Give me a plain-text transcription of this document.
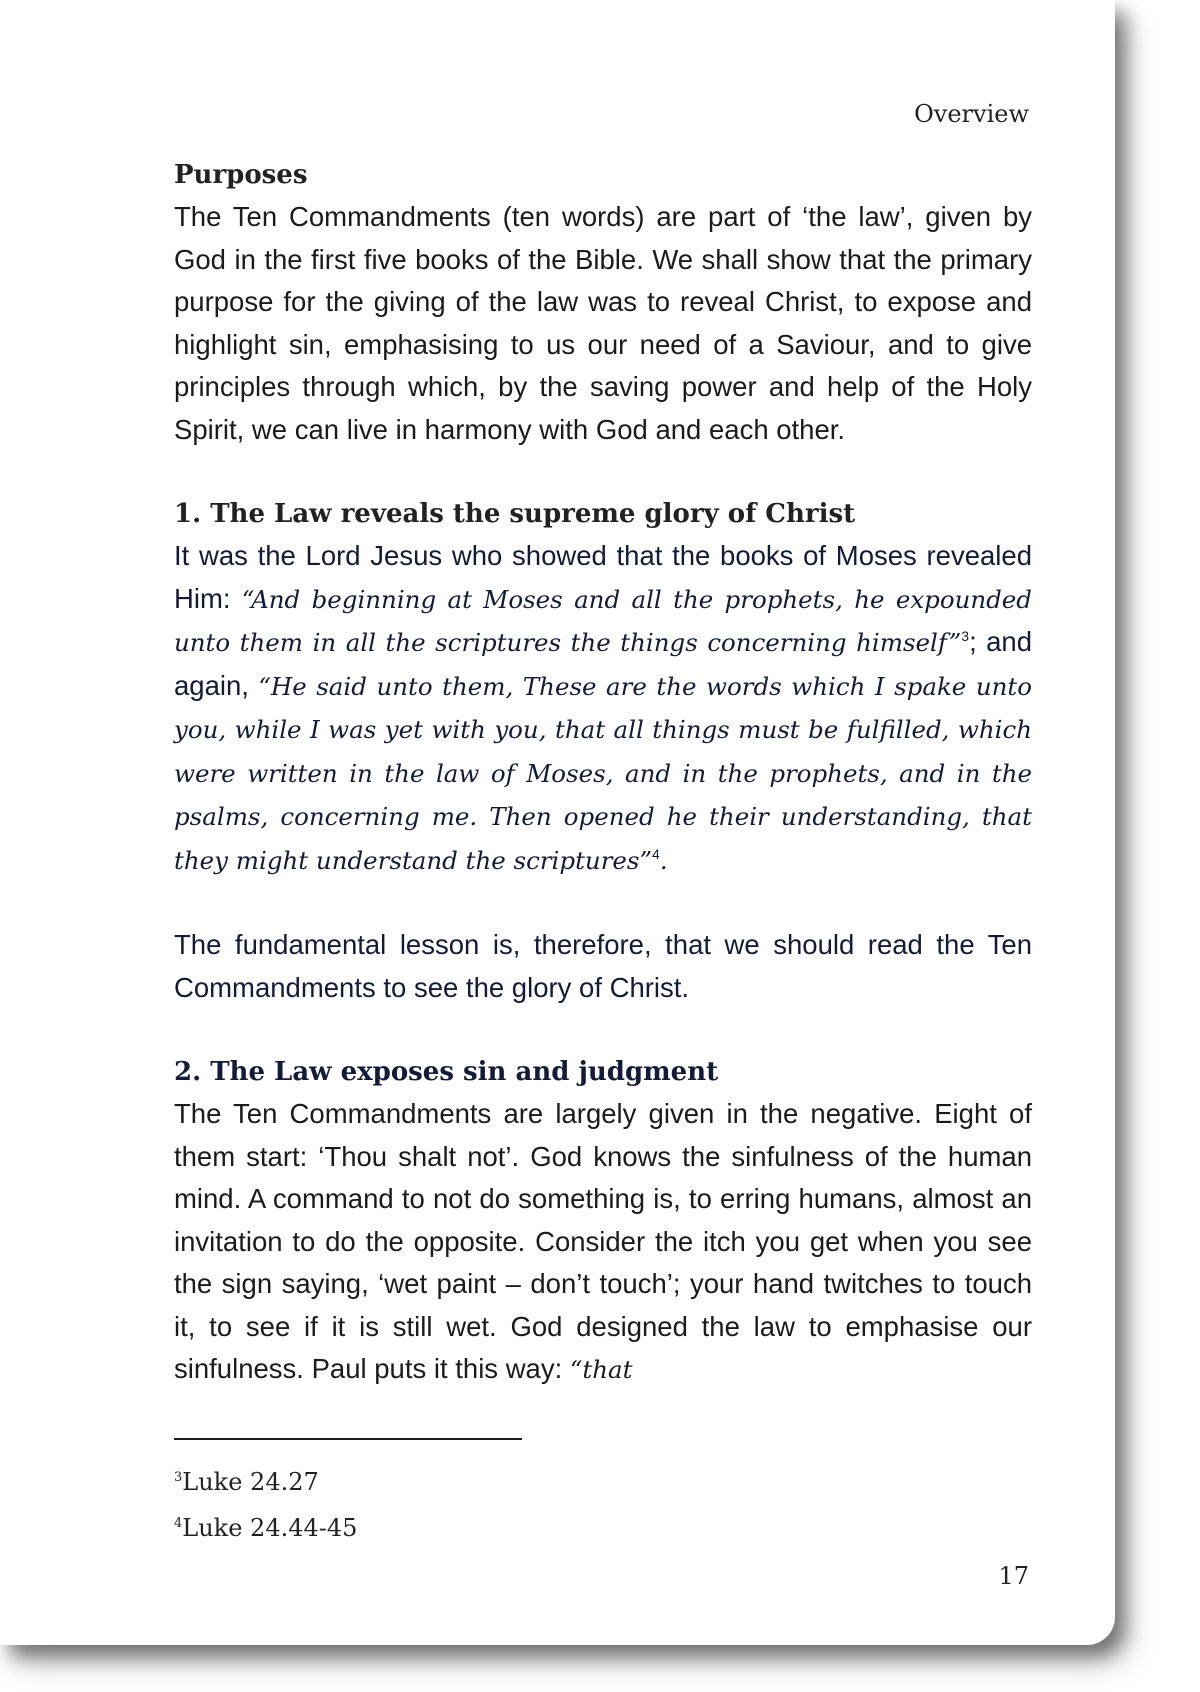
Overview
Purposes

The Ten Commandments (ten words) are part of ‘the law’, given by God in the first five books of the Bible. We shall show that the primary purpose for the giving of the law was to reveal Christ, to expose and highlight sin, emphasising to us our need of a Saviour, and to give principles through which, by the saving power and help of the Holy Spirit, we can live in harmony with God and each other.

1. The Law reveals the supreme glory of Christ

It was the Lord Jesus who showed that the books of Moses revealed Him: “And beginning at Moses and all the prophets, he expounded unto them in all the scriptures the things concerning himself”$^3$; and again, “He said unto them, These are the words which I spake unto you, while I was yet with you, that all things must be fulfilled, which were written in the law of Moses, and in the prophets, and in the psalms, concerning me. Then opened he their understanding, that they might understand the scriptures”$^4$.

The fundamental lesson is, therefore, that we should read the Ten Commandments to see the glory of Christ.

2. The Law exposes sin and judgment

The Ten Commandments are largely given in the negative. Eight of them start: ‘Thou shalt not’. God knows the sinfulness of the human mind. A command to not do something is, to erring humans, almost an invitation to do the opposite. Consider the itch you get when you see the sign saying, ‘wet paint – don’t touch’; your hand twitches to touch it, to see if it is still wet. God designed the law to emphasise our sinfulness. Paul puts it this way: “that

$^3$Luke 24.27
$^4$Luke 24.44-45
17
